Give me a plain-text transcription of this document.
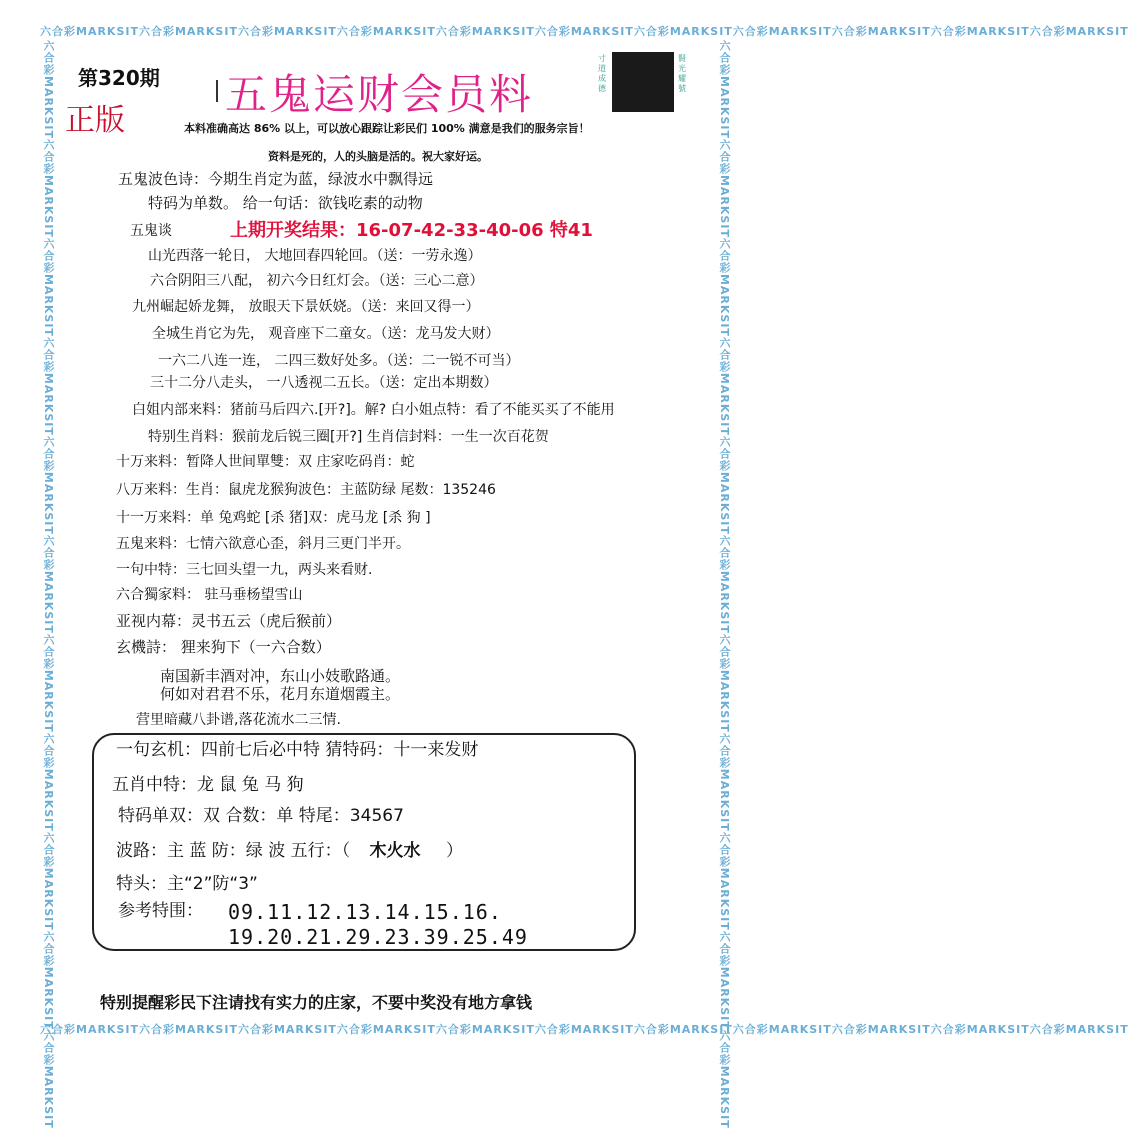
六合彩MARKSIT六合彩MARKSIT六合彩MARKSIT六合彩MARKSIT六合彩MARKSIT六合彩MARKSIT六合彩MARKSIT六合彩MARKSIT六合彩MARKSIT六合彩MARKSIT六合彩MARKSIT
六合彩MARKSIT六合彩MARKSIT六合彩MARKSIT六合彩MARKSIT六合彩MARKSIT六合彩MARKSIT六合彩MARKSIT六合彩MARKSIT六合彩MARKSIT六合彩MARKSIT六合彩MARKSIT
六合彩MARKSIT六合彩MARKSIT六合彩MARKSIT六合彩MARKSIT六合彩MARKSIT六合彩MARKSIT六合彩MARKSIT六合彩MARKSIT六合彩MARKSIT六合彩MARKSIT六合彩MARKSIT	六合彩MARKSIT六合彩MARKSIT六合彩MARKSIT六合彩MARKSIT六合彩MARKSIT六合彩MARKSIT六合彩MARKSIT六合彩MARKSIT六合彩MARKSIT六合彩MARKSIT六合彩MARKSIT
第320期
正版
五鬼运财会员料
寸道成德
賢光耀號
本料准确高达 86% 以上，可以放心跟踪让彩民们 100% 满意是我们的服务宗旨！
资料是死的，人的头脑是活的。祝大家好运。
五鬼波色诗：今期生肖定为蓝，绿波水中飘得远
特码为单数。 给一句话：欲钱吃素的动物
五鬼谈	上期开奖结果：16-07-42-33-40-06 特41
山光西落一轮日， 大地回春四轮回。（送：一劳永逸）
六合阴阳三八配， 初六今日红灯会。（送：三心二意）
九州崛起娇龙舞， 放眼天下景妖娆。（送：来回又得一）
全城生肖它为先， 观音座下二童女。（送：龙马发大财）
一六二八连一连， 二四三数好处多。（送：二一锐不可当）
三十二分八走头， 一八透视二五长。（送：定出本期数）
白姐内部来料：猪前马后四六.[开?]。解? 白小姐点特：看了不能买买了不能用
特别生肖料：猴前龙后锐三圈[开?] 生肖信封料：一生一次百花贺
十万来料：暂降人世间單雙：双 庄家吃码肖：蛇
八万来料：生肖：鼠虎龙猴狗波色：主蓝防绿 尾数：135246
十一万来料：单 兔鸡蛇 [杀 猪]双：虎马龙 [杀 狗 ]
五鬼来料：七情六欲意心歪，斜月三更门半开。
一句中特：三七回头望一九，两头来看财.
六合獨家料： 驻马垂杨望雪山
亚视内幕：灵书五云（虎后猴前）
玄機詩： 狸来狗下（一六合数）
南国新丰酒对冲，东山小妓歌路通。
何如对君君不乐，花月东道烟霞主。
营里暗藏八卦谱,落花流水二三情.
一句玄机：四前七后必中特 猜特码：十一来发财
五肖中特：龙 鼠 兔 马 狗
特码单双：双 合数：单 特尾：34567
波路：主 蓝 防：绿 波 五行：（ 木火水 ）
特头：主“2”防“3”
参考特围： 09.11.12.13.14.15.16.
19.20.21.29.23.39.25.49
特别提醒彩民下注请找有实力的庄家，不要中奖没有地方拿钱
